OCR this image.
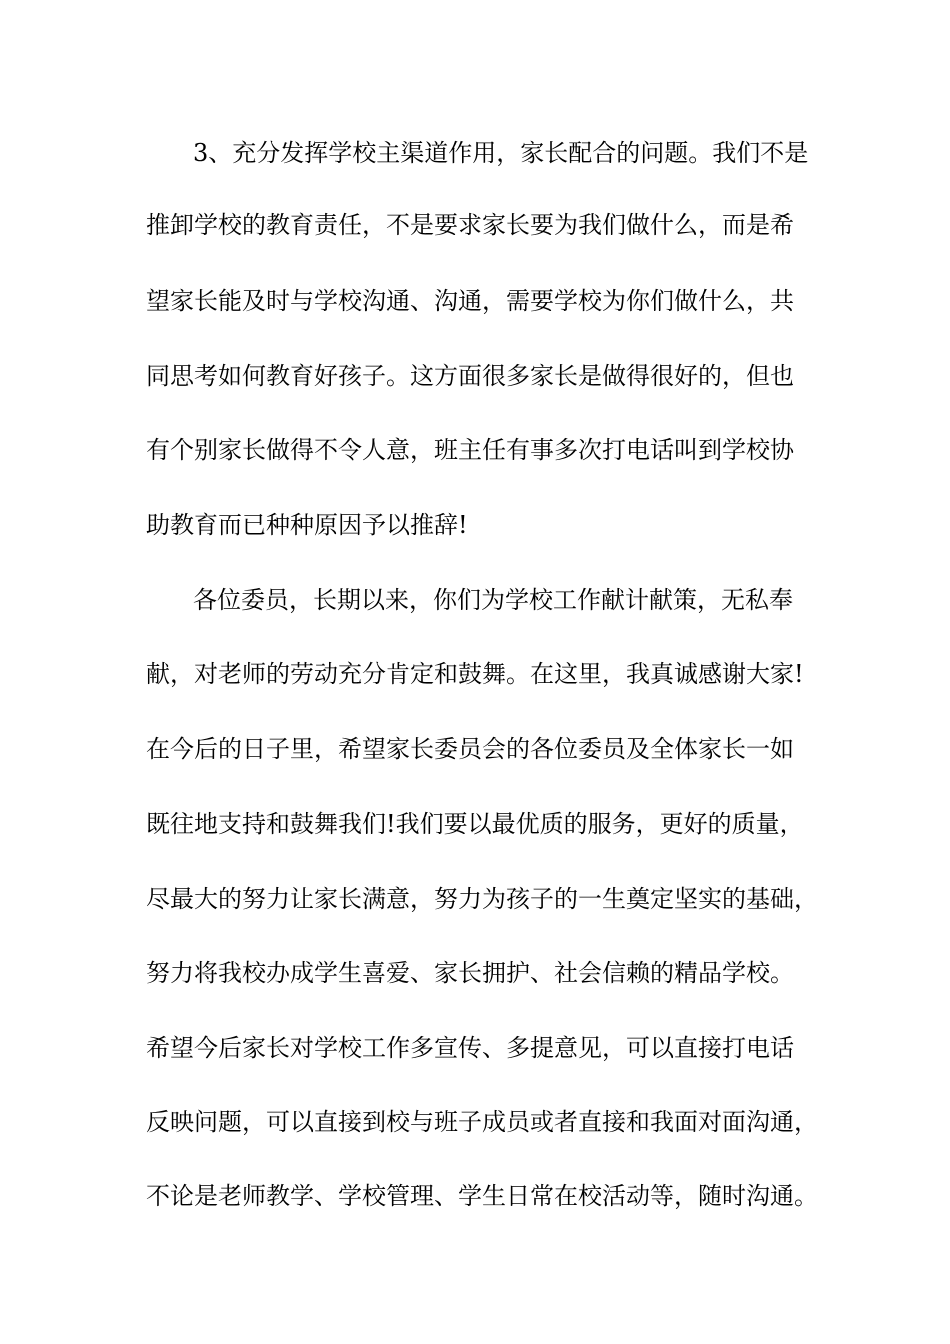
3、充分发挥学校主渠道作用，家长配合的问题。我们不是
推卸学校的教育责任，不是要求家长要为我们做什么，而是希
望家长能及时与学校沟通、沟通，需要学校为你们做什么，共
同思考如何教育好孩子。这方面很多家长是做得很好的，但也
有个别家长做得不令人意，班主任有事多次打电话叫到学校协
助教育而已种种原因予以推辞!
各位委员，长期以来，你们为学校工作献计献策，无私奉
献，对老师的劳动充分肯定和鼓舞。在这里，我真诚感谢大家!
在今后的日子里，希望家长委员会的各位委员及全体家长一如
既往地支持和鼓舞我们!我们要以最优质的服务，更好的质量，
尽最大的努力让家长满意，努力为孩子的一生奠定坚实的基础，
努力将我校办成学生喜爱、家长拥护、社会信赖的精品学校。
希望今后家长对学校工作多宣传、多提意见，可以直接打电话
反映问题，可以直接到校与班子成员或者直接和我面对面沟通，
不论是老师教学、学校管理、学生日常在校活动等，随时沟通。
